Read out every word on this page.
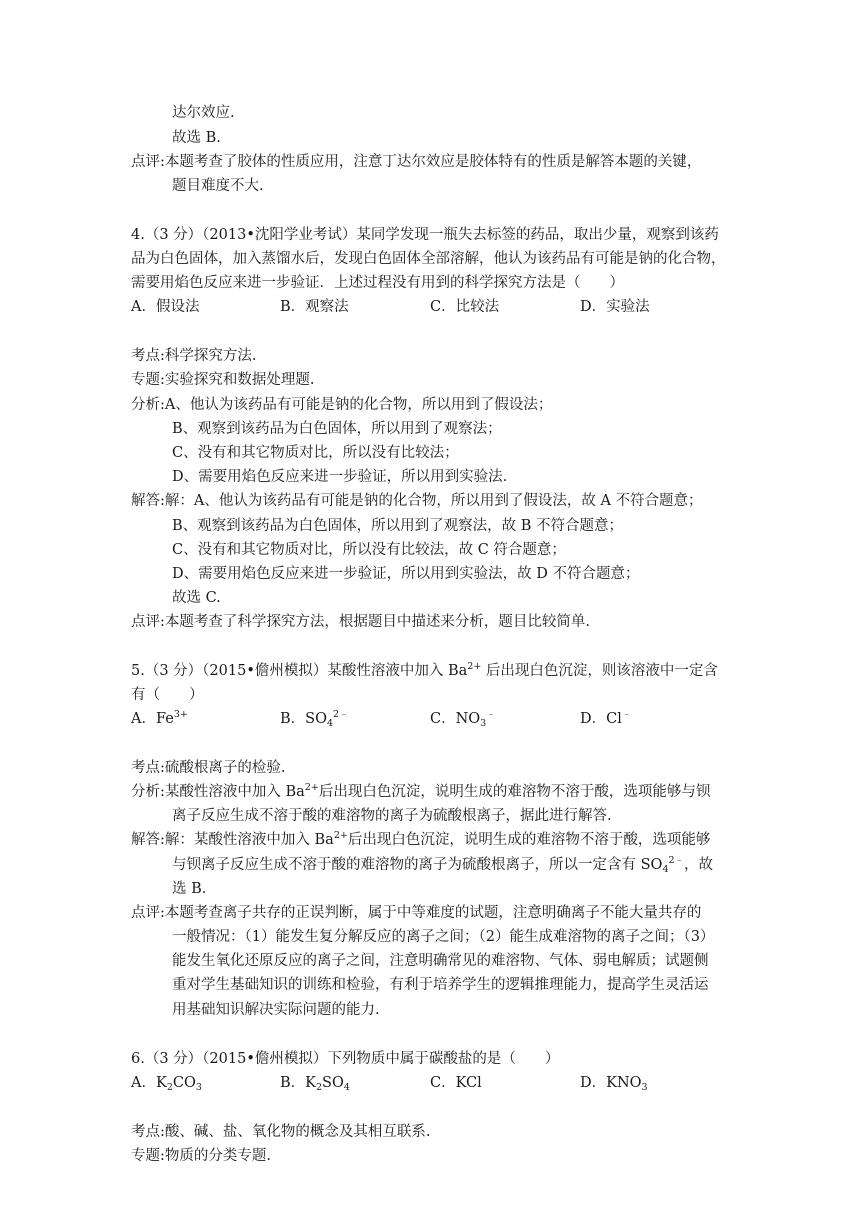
达尔效应.
故选 B.
点评:本题考查了胶体的性质应用，注意丁达尔效应是胶体特有的性质是解答本题的关键，
题目难度不大.
4.（3 分）（2013•沈阳学业考试）某同学发现一瓶失去标签的药品，取出少量，观察到该药
品为白色固体，加入蒸馏水后，发现白色固体全部溶解，他认为该药品有可能是钠的化合物，
需要用焰色反应来进一步验证．上述过程没有用到的科学探究方法是（　　）
A．假设法	B．观察法	C．比较法	D．实验法
考点:科学探究方法.
专题:实验探究和数据处理题.
分析:A、他认为该药品有可能是钠的化合物，所以用到了假设法；
B、观察到该药品为白色固体，所以用到了观察法；
C、没有和其它物质对比，所以没有比较法；
D、需要用焰色反应来进一步验证，所以用到实验法.
解答:解：A、他认为该药品有可能是钠的化合物，所以用到了假设法，故 A 不符合题意；
B、观察到该药品为白色固体，所以用到了观察法，故 B 不符合题意；
C、没有和其它物质对比，所以没有比较法，故 C 符合题意；
D、需要用焰色反应来进一步验证，所以用到实验法，故 D 不符合题意；
故选 C.
点评:本题考查了科学探究方法，根据题目中描述来分析，题目比较简单.
5.（3 分）（2015•儋州模拟）某酸性溶液中加入 $Ba^{2+}$ 后出现白色沉淀，则该溶液中一定含
有（　　）
A．$Fe^{3+}$	B．$SO_4^{2﹣}$	C．$NO_3^﹣$	D．Cl﹣
考点:硫酸根离子的检验.
分析:某酸性溶液中加入 $Ba^{2+}$后出现白色沉淀，说明生成的难溶物不溶于酸，选项能够与钡
离子反应生成不溶于酸的难溶物的离子为硫酸根离子，据此进行解答.
解答:解：某酸性溶液中加入 $Ba^{2+}$后出现白色沉淀，说明生成的难溶物不溶于酸，选项能够
与钡离子反应生成不溶于酸的难溶物的离子为硫酸根离子，所以一定含有 $SO_4^{2﹣}$，故
选 B.
点评:本题考查离子共存的正误判断，属于中等难度的试题，注意明确离子不能大量共存的
一般情况：（1）能发生复分解反应的离子之间；（2）能生成难溶物的离子之间；（3）
能发生氧化还原反应的离子之间，注意明确常见的难溶物、气体、弱电解质；试题侧
重对学生基础知识的训练和检验，有利于培养学生的逻辑推理能力，提高学生灵活运
用基础知识解决实际问题的能力.
6.（3 分）（2015•儋州模拟）下列物质中属于碳酸盐的是（　　）
A．$K_2CO_3$	B．$K_2SO_4$	C．KCl	D．$KNO_3$
考点:酸、碱、盐、氧化物的概念及其相互联系.
专题:物质的分类专题.
